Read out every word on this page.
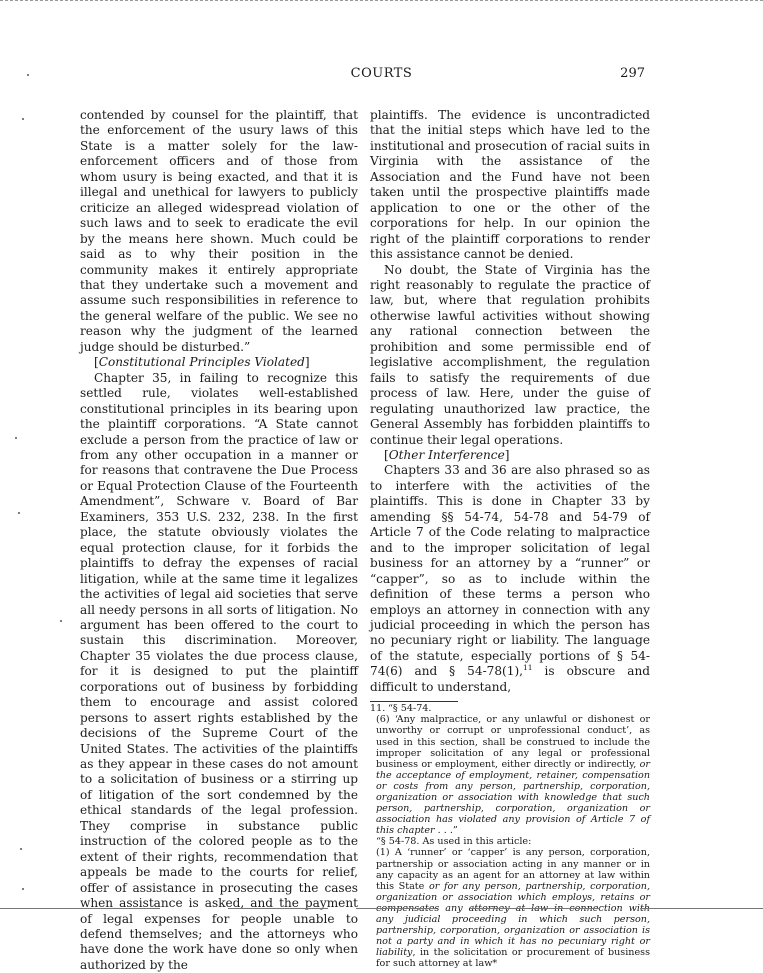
COURTS	297

contended by counsel for the plaintiff, that the enforcement of the usury laws of this State is a matter solely for the law-enforcement officers and of those from whom usury is being exacted, and that it is illegal and unethical for lawyers to publicly criticize an alleged widespread violation of such laws and to seek to eradicate the evil by the means here shown. Much could be said as to why their position in the community makes it entirely appropriate that they undertake such a movement and assume such responsibilities in reference to the general welfare of the public. We see no reason why the judgment of the learned judge should be disturbed.”

[Constitutional Principles Violated]

Chapter 35, in failing to recognize this settled rule, violates well-established constitutional principles in its bearing upon the plaintiff corporations. “A State cannot exclude a person from the practice of law or from any other occupation in a manner or for reasons that contravene the Due Process or Equal Protection Clause of the Fourteenth Amendment”, Schware v. Board of Bar Examiners, 353 U.S. 232, 238. In the first place, the statute obviously violates the equal protection clause, for it forbids the plaintiffs to defray the expenses of racial litigation, while at the same time it legalizes the activities of legal aid societies that serve all needy persons in all sorts of litigation. No argument has been offered to the court to sustain this discrimination. Moreover, Chapter 35 violates the due process clause, for it is designed to put the plaintiff corporations out of business by forbidding them to encourage and assist colored persons to assert rights established by the decisions of the Supreme Court of the United States. The activities of the plaintiffs as they appear in these cases do not amount to a solicitation of business or a stirring up of litigation of the sort condemned by the ethical standards of the legal profession. They comprise in substance public instruction of the colored people as to the extent of their rights, recommendation that appeals be made to the courts for relief, offer of assistance in prosecuting the cases when assistance is asked, and the payment of legal expenses for people unable to defend themselves; and the attorneys who have done the work have done so only when authorized by the

plaintiffs. The evidence is uncontradicted that the initial steps which have led to the institutional and prosecution of racial suits in Virginia with the assistance of the Association and the Fund have not been taken until the prospective plaintiffs made application to one or the other of the corporations for help. In our opinion the right of the plaintiff corporations to render this assistance cannot be denied.

No doubt, the State of Virginia has the right reasonably to regulate the practice of law, but, where that regulation prohibits otherwise lawful activities without showing any rational connection between the prohibition and some permissible end of legislative accomplishment, the regulation fails to satisfy the requirements of due process of law. Here, under the guise of regulating unauthorized law practice, the General Assembly has forbidden plaintiffs to continue their legal operations.

[Other Interference]

Chapters 33 and 36 are also phrased so as to interfere with the activities of the plaintiffs. This is done in Chapter 33 by amending §§ 54-74, 54-78 and 54-79 of Article 7 of the Code relating to malpractice and to the improper solicitation of legal business for an attorney by a “runner” or “capper”, so as to include within the definition of these terms a person who employs an attorney in connection with any judicial proceeding in which the person has no pecuniary right or liability. The language of the statute, especially portions of § 54-74(6) and § 54-78(1),$^{11}$ is obscure and difficult to understand,

11. “§ 54-74.

(6) ‘Any malpractice, or any unlawful or dishonest or unworthy or corrupt or unprofessional conduct’, as used in this section, shall be construed to include the improper solicitation of any legal or professional business or employment, either directly or indirectly, or the acceptance of employment, retainer, compensation or costs from any person, partnership, corporation, organization or association with knowledge that such person, partnership, corporation, organization or association has violated any provision of Article 7 of this chapter . . .”

“§ 54-78. As used in this article:

(1) A ‘runner’ or ‘capper’ is any person, corporation, partnership or association acting in any manner or in any capacity as an agent for an attorney at law within this State or for any person, partnership, corporation, organization or association which employs, retains or compensates any attorney at law in connection with any judicial proceeding in which such person, partnership, corporation, organization or association is not a party and in which it has no pecuniary right or liability, in the solicitation or procurement of business for such attorney at law*
